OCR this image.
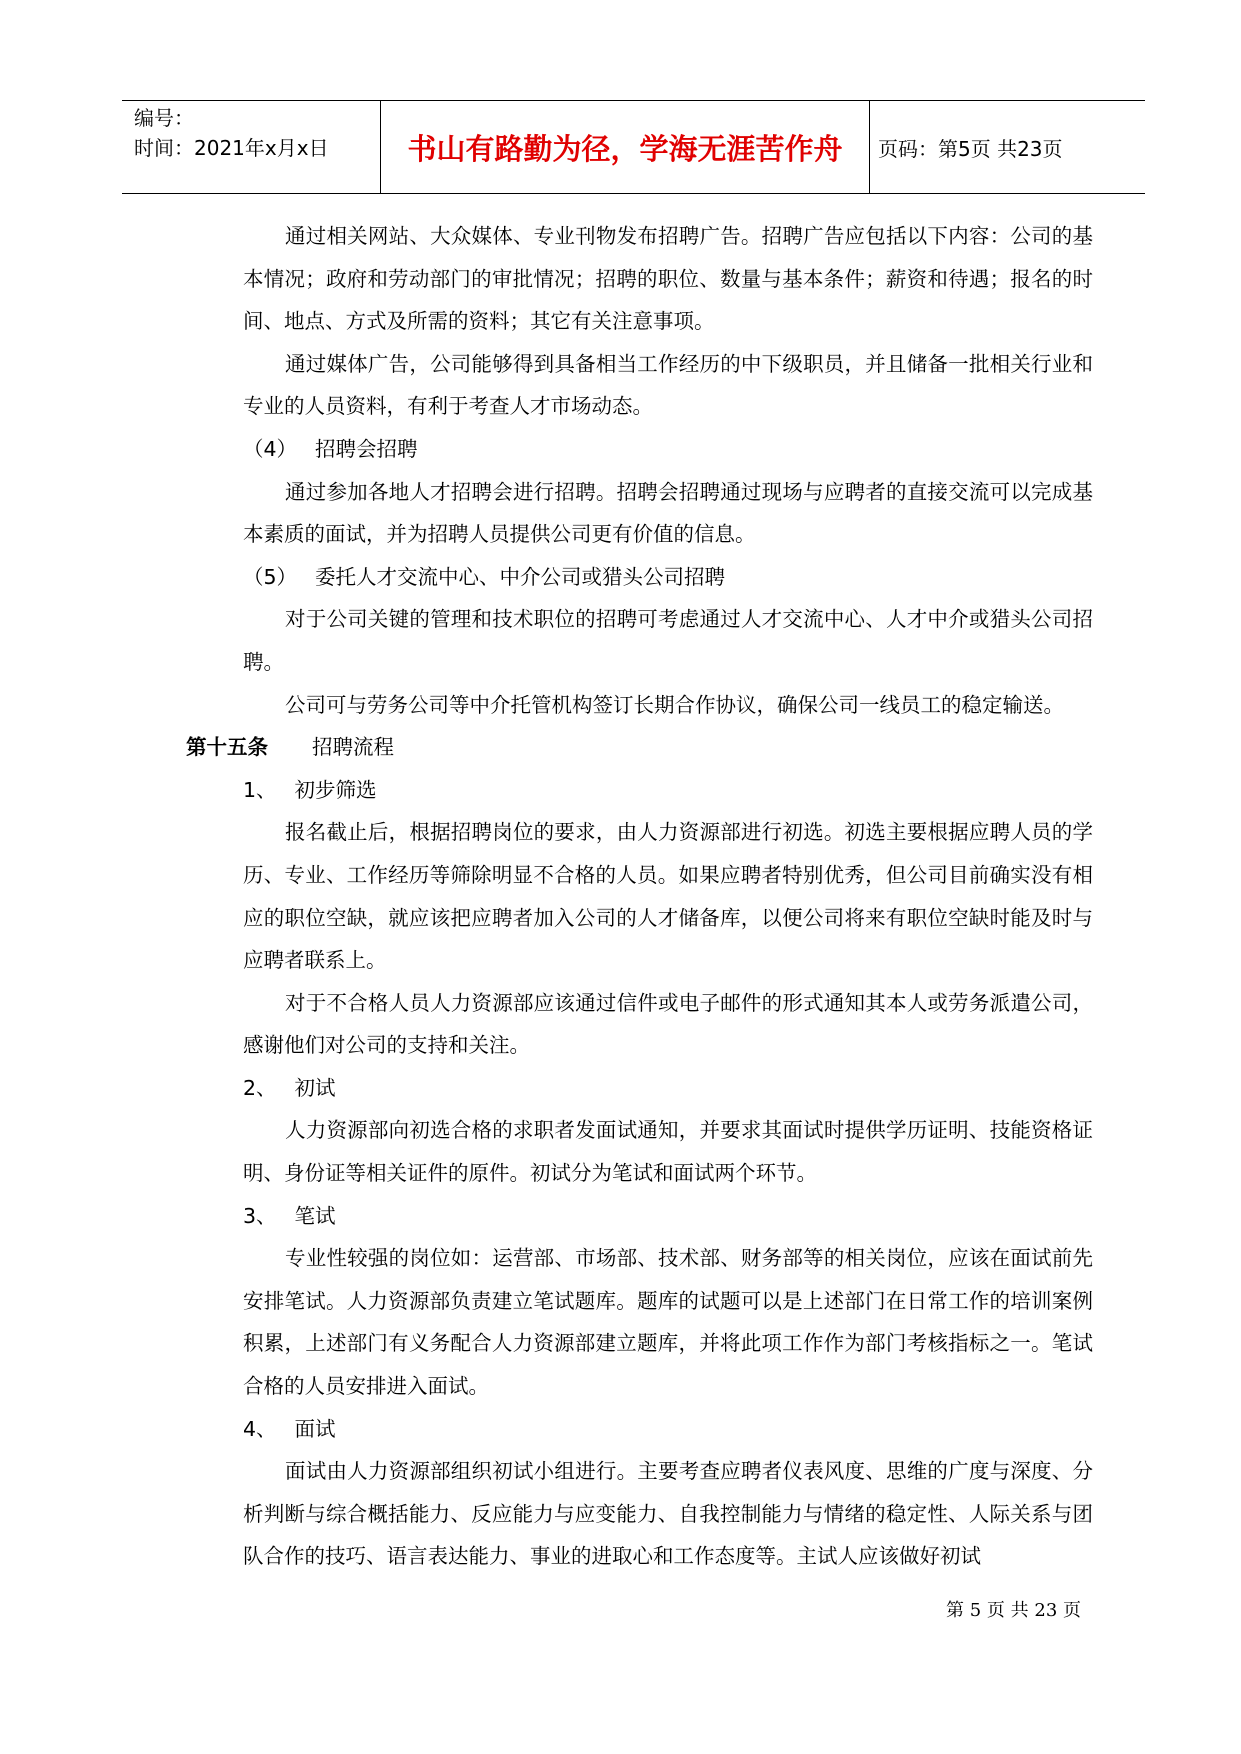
编号：
时间：2021年x月x日	书山有路勤为径，学海无涯苦作舟	页码：第5页 共23页

通过相关网站、大众媒体、专业刊物发布招聘广告。招聘广告应包括以下内容：公司的基本情况；政府和劳动部门的审批情况；招聘的职位、数量与基本条件；薪资和待遇；报名的时间、地点、方式及所需的资料；其它有关注意事项。

通过媒体广告，公司能够得到具备相当工作经历的中下级职员，并且储备一批相关行业和专业的人员资料，有利于考查人才市场动态。

（4） 招聘会招聘

通过参加各地人才招聘会进行招聘。招聘会招聘通过现场与应聘者的直接交流可以完成基本素质的面试，并为招聘人员提供公司更有价值的信息。

（5） 委托人才交流中心、中介公司或猎头公司招聘

对于公司关键的管理和技术职位的招聘可考虑通过人才交流中心、人才中介或猎头公司招聘。

公司可与劳务公司等中介托管机构签订长期合作协议，确保公司一线员工的稳定输送。

第十五条 招聘流程

1、 初步筛选

报名截止后，根据招聘岗位的要求，由人力资源部进行初选。初选主要根据应聘人员的学历、专业、工作经历等筛除明显不合格的人员。如果应聘者特别优秀，但公司目前确实没有相应的职位空缺，就应该把应聘者加入公司的人才储备库，以便公司将来有职位空缺时能及时与应聘者联系上。

对于不合格人员人力资源部应该通过信件或电子邮件的形式通知其本人或劳务派遣公司，感谢他们对公司的支持和关注。

2、 初试

人力资源部向初选合格的求职者发面试通知，并要求其面试时提供学历证明、技能资格证明、身份证等相关证件的原件。初试分为笔试和面试两个环节。

3、 笔试

专业性较强的岗位如：运营部、市场部、技术部、财务部等的相关岗位，应该在面试前先安排笔试。人力资源部负责建立笔试题库。题库的试题可以是上述部门在日常工作的培训案例积累，上述部门有义务配合人力资源部建立题库，并将此项工作作为部门考核指标之一。笔试合格的人员安排进入面试。

4、 面试

面试由人力资源部组织初试小组进行。主要考查应聘者仪表风度、思维的广度与深度、分析判断与综合概括能力、反应能力与应变能力、自我控制能力与情绪的稳定性、人际关系与团队合作的技巧、语言表达能力、事业的进取心和工作态度等。主试人应该做好初试

第 5 页 共 23 页
